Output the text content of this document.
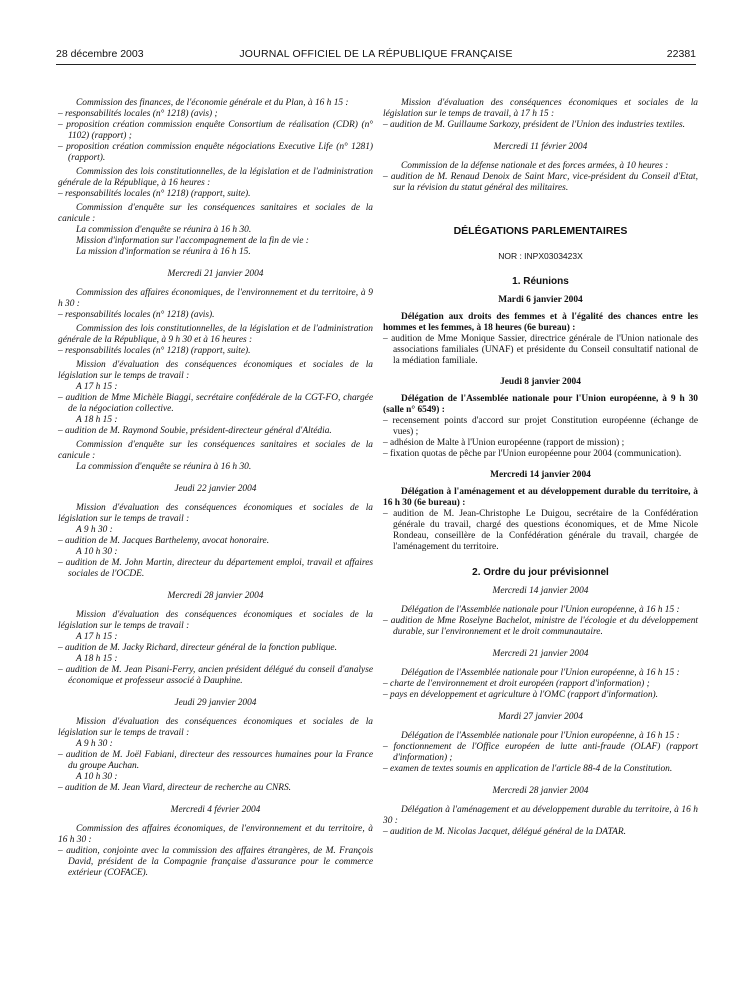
28 décembre 2003	JOURNAL OFFICIEL DE LA RÉPUBLIQUE FRANÇAISE	22381

Commission des finances, de l'économie générale et du Plan, à 16 h 15 :

– responsabilités locales (n° 1218) (avis) ;

– proposition création commission enquête Consortium de réalisation (CDR) (n° 1102) (rapport) ;

– proposition création commission enquête négociations Executive Life (n° 1281) (rapport).

Commission des lois constitutionnelles, de la législation et de l'administration générale de la République, à 16 heures :

– responsabilités locales (n° 1218) (rapport, suite).

Commission d'enquête sur les conséquences sanitaires et sociales de la canicule :

La commission d'enquête se réunira à 16 h 30.

Mission d'information sur l'accompagnement de la fin de vie :

La mission d'information se réunira à 16 h 15.

Mercredi 21 janvier 2004

Commission des affaires économiques, de l'environnement et du territoire, à 9 h 30 :

– responsabilités locales (n° 1218) (avis).

Commission des lois constitutionnelles, de la législation et de l'administration générale de la République, à 9 h 30 et à 16 heures :

– responsabilités locales (n° 1218) (rapport, suite).

Mission d'évaluation des conséquences économiques et sociales de la législation sur le temps de travail :

A 17 h 15 :

– audition de Mme Michèle Biaggi, secrétaire confédérale de la CGT-FO, chargée de la négociation collective.

A 18 h 15 :

– audition de M. Raymond Soubie, président-directeur général d'Altédia.

Commission d'enquête sur les conséquences sanitaires et sociales de la canicule :

La commission d'enquête se réunira à 16 h 30.

Jeudi 22 janvier 2004

Mission d'évaluation des conséquences économiques et sociales de la législation sur le temps de travail :

A 9 h 30 :

– audition de M. Jacques Barthelemy, avocat honoraire.

A 10 h 30 :

– audition de M. John Martin, directeur du département emploi, travail et affaires sociales de l'OCDE.

Mercredi 28 janvier 2004

Mission d'évaluation des conséquences économiques et sociales de la législation sur le temps de travail :

A 17 h 15 :

– audition de M. Jacky Richard, directeur général de la fonction publique.

A 18 h 15 :

– audition de M. Jean Pisani-Ferry, ancien président délégué du conseil d'analyse économique et professeur associé à Dauphine.

Jeudi 29 janvier 2004

Mission d'évaluation des conséquences économiques et sociales de la législation sur le temps de travail :

A 9 h 30 :

– audition de M. Joël Fabiani, directeur des ressources humaines pour la France du groupe Auchan.

A 10 h 30 :

– audition de M. Jean Viard, directeur de recherche au CNRS.

Mercredi 4 février 2004

Commission des affaires économiques, de l'environnement et du territoire, à 16 h 30 :

– audition, conjointe avec la commission des affaires étrangères, de M. François David, président de la Compagnie française d'assurance pour le commerce extérieur (COFACE).

Mission d'évaluation des conséquences économiques et sociales de la législation sur le temps de travail, à 17 h 15 :

– audition de M. Guillaume Sarkozy, président de l'Union des industries textiles.

Mercredi 11 février 2004

Commission de la défense nationale et des forces armées, à 10 heures :

– audition de M. Renaud Denoix de Saint Marc, vice-président du Conseil d'Etat, sur la révision du statut général des militaires.

DÉLÉGATIONS PARLEMENTAIRES

NOR : INPX0303423X

1. Réunions

Mardi 6 janvier 2004

Délégation aux droits des femmes et à l'égalité des chances entre les hommes et les femmes, à 18 heures (6e bureau) :

– audition de Mme Monique Sassier, directrice générale de l'Union nationale des associations familiales (UNAF) et présidente du Conseil consultatif national de la médiation familiale.

Jeudi 8 janvier 2004

Délégation de l'Assemblée nationale pour l'Union européenne, à 9 h 30 (salle n° 6549) :

– recensement points d'accord sur projet Constitution européenne (échange de vues) ;

– adhésion de Malte à l'Union européenne (rapport de mission) ;

– fixation quotas de pêche par l'Union européenne pour 2004 (communication).

Mercredi 14 janvier 2004

Délégation à l'aménagement et au développement durable du territoire, à 16 h 30 (6e bureau) :

– audition de M. Jean-Christophe Le Duigou, secrétaire de la Confédération générale du travail, chargé des questions économiques, et de Mme Nicole Rondeau, conseillère de la Confédération générale du travail, chargée de l'aménagement du territoire.

2. Ordre du jour prévisionnel

Mercredi 14 janvier 2004

Délégation de l'Assemblée nationale pour l'Union européenne, à 16 h 15 :

– audition de Mme Roselyne Bachelot, ministre de l'écologie et du développement durable, sur l'environnement et le droit communautaire.

Mercredi 21 janvier 2004

Délégation de l'Assemblée nationale pour l'Union européenne, à 16 h 15 :

– charte de l'environnement et droit européen (rapport d'information) ;

– pays en développement et agriculture à l'OMC (rapport d'information).

Mardi 27 janvier 2004

Délégation de l'Assemblée nationale pour l'Union européenne, à 16 h 15 :

– fonctionnement de l'Office européen de lutte anti-fraude (OLAF) (rapport d'information) ;

– examen de textes soumis en application de l'article 88-4 de la Constitution.

Mercredi 28 janvier 2004

Délégation à l'aménagement et au développement durable du territoire, à 16 h 30 :

– audition de M. Nicolas Jacquet, délégué général de la DATAR.
